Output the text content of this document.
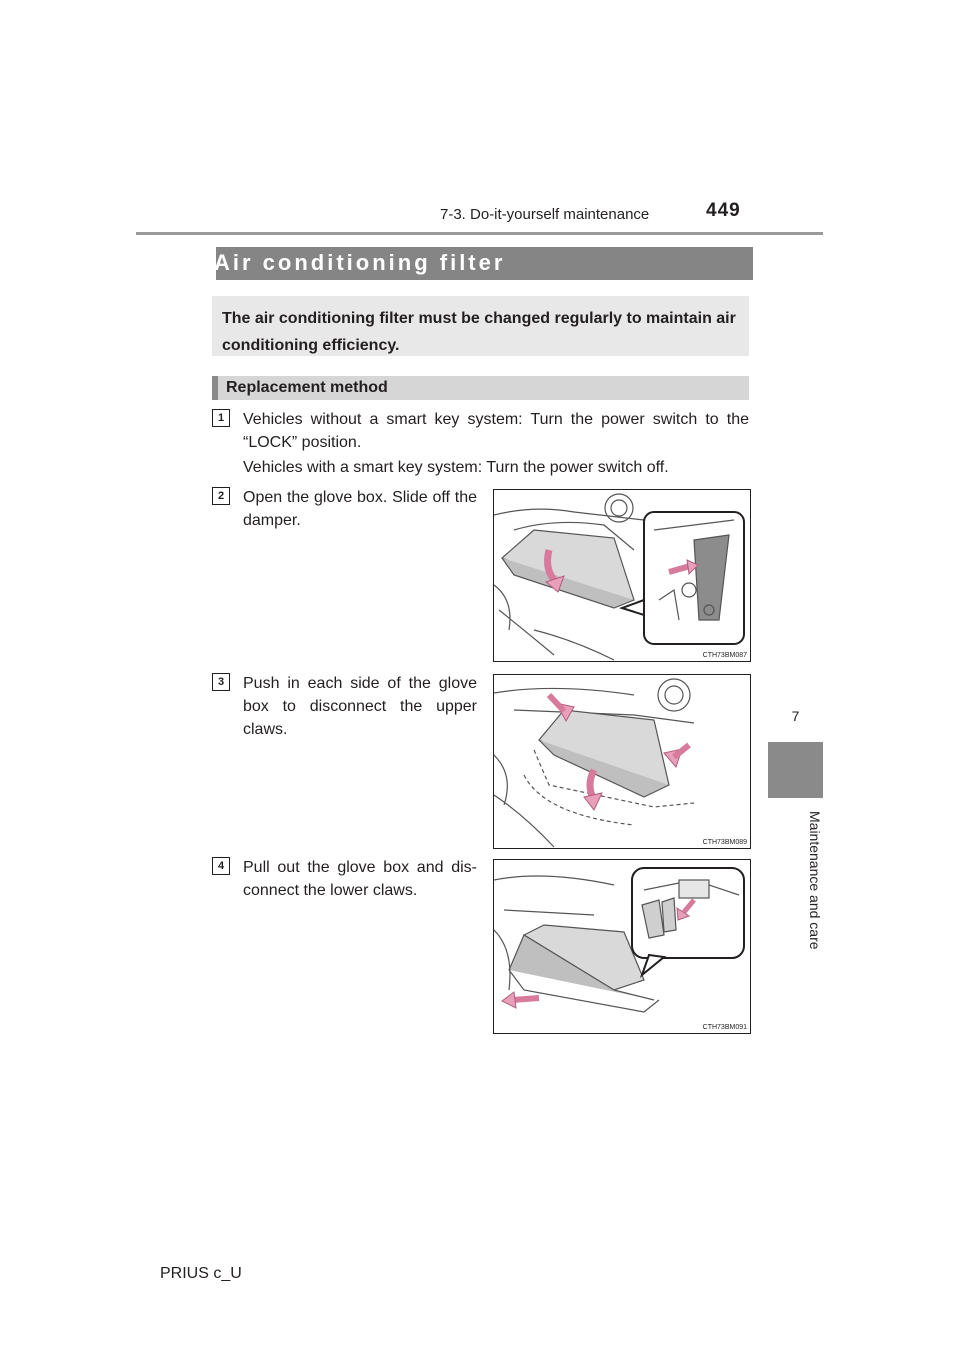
7-3. Do-it-yourself maintenance	449
7
Maintenance and care
Air conditioning filter
The air conditioning filter must be changed regularly to maintain air conditioning efficiency.
Replacement method
1	Vehicles without a smart key system: Turn the power switch to the “LOCK” position.
Vehicles with a smart key system: Turn the power switch off.
2	Open the glove box. Slide off the damper.
CTH73BM087
3	Push in each side of the glove box to disconnect the upper claws.
CTH73BM089
4	Pull out the glove box and dis-connect the lower claws.
CTH73BM091
PRIUS c_U
